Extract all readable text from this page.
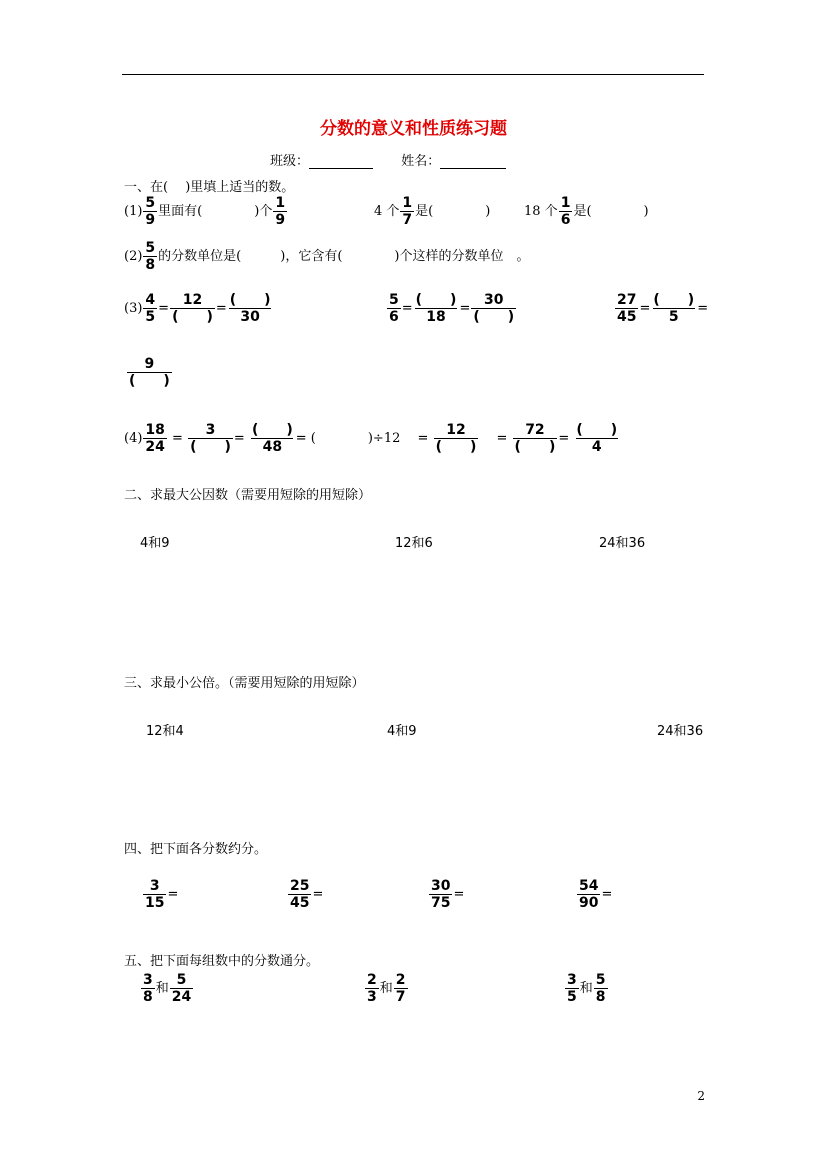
分数的意义和性质练习题
班级：	姓名：
一、在(　 )里填上适当的数。
$(1) \frac{5}{9}$ 里面有(　　　　)个 $\frac{1}{9}$	4 个 $\frac{1}{7}$ 是(　　　　)	18 个 $\frac{1}{6}$ 是(　　　　)
$(2) \frac{5}{8}$ 的分数单位是(　　　)，它含有(　　　　)个这样的分数单位　。
$(3) \frac{4}{5}$ =
12
(　　)
=
(　　)
30	$\frac{5}{6}$ =
(　　)
18
=
30
(　　)	$\frac{27}{45}$ =
(　　)
5
=
9
(　　)
$(4) \frac{18}{24}$ =
3
(　　)
=
(　　)
48
= (　　　　)÷12　 =
12
(　　)
　 =
72
(　　)
=
(　　)
4
二、求最大公因数（需要用短除的用短除）
4和9	12和6	24和36
三、求最小公倍。（需要用短除的用短除）
12和4	4和9	24和36
四、把下面各分数约分。
$\frac{3}{15}$ =	$\frac{25}{45}$ =	$\frac{30}{75}$ =	$\frac{54}{90}$ =
五、把下面每组数中的分数通分。
$\frac{3}{8}$ 和 $\frac{5}{24}$	$\frac{2}{3}$ 和 $\frac{2}{7}$	$\frac{3}{5}$ 和 $\frac{5}{8}$
2
